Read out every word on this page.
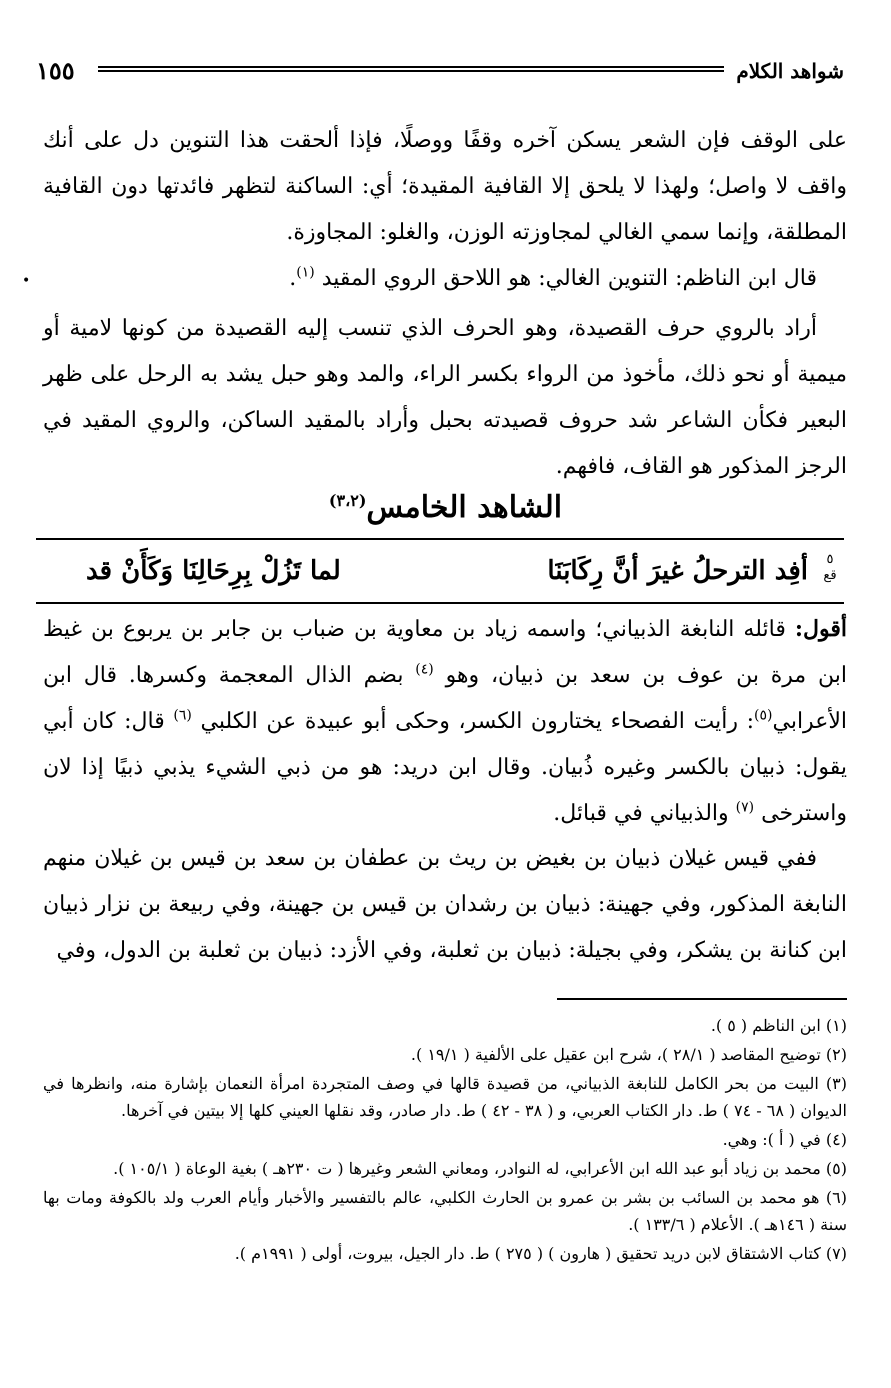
شواهد الكلام
١٥٥

على الوقف فإن الشعر يسكن آخره وقفًا ووصلًا، فإذا ألحقت هذا التنوين دل على أنك واقف لا واصل؛ ولهذا لا يلحق إلا القافية المقيدة؛ أي: الساكنة لتظهر فائدتها دون القافية المطلقة، وإنما سمي الغالي لمجاوزته الوزن، والغلو: المجاوزة.

قال ابن الناظم: التنوين الغالي: هو اللاحق الروي المقيد $^{(١)}$.

•

أراد بالروي حرف القصيدة، وهو الحرف الذي تنسب إليه القصيدة من كونها لامية أو ميمية أو نحو ذلك، مأخوذ من الرواء بكسر الراء، والمد وهو حبل يشد به الرحل على ظهر البعير فكأن الشاعر شد حروف قصيدته بحبل وأراد بالمقيد الساكن، والروي المقيد في الرجز المذكور هو القاف، فافهم.

الشاهد الخامس$^{(٣،٢)}$
٥
قع
أفِد الترحلُ غيرَ أنَّ رِكَابَنَا
لما تَزُلْ بِرِحَالِنَا وَكَأَنْ قد

أقول: قائله النابغة الذبياني؛ واسمه زياد بن معاوية بن ضباب بن جابر بن يربوع بن غيظ ابن مرة بن عوف بن سعد بن ذبيان، وهو $^{(٤)}$ بضم الذال المعجمة وكسرها. قال ابن الأعرابي$^{(٥)}$: رأيت الفصحاء يختارون الكسر، وحكى أبو عبيدة عن الكلبي $^{(٦)}$ قال: كان أبي يقول: ذبيان بالكسر وغيره ذُبيان. وقال ابن دريد: هو من ذبي الشيء يذبي ذبيًا إذا لان واسترخى $^{(٧)}$ والذبياني في قبائل.

ففي قيس غيلان ذبيان بن بغيض بن ريث بن عطفان بن سعد بن قيس بن غيلان منهم النابغة المذكور، وفي جهينة: ذبيان بن رشدان بن قيس بن جهينة، وفي ربيعة بن نزار ذبيان ابن كنانة بن يشكر، وفي بجيلة: ذبيان بن ثعلبة، وفي الأزد: ذبيان بن ثعلبة بن الدول، وفي

(١) ابن الناظم ( ٥ ).
(٢) توضيح المقاصد ( ٢٨/١ )، شرح ابن عقيل على الألفية ( ١٩/١ ).
(٣) البيت من بحر الكامل للنابغة الذبياني، من قصيدة قالها في وصف المتجردة امرأة النعمان بإشارة منه، وانظرها في الديوان ( ٦٨ - ٧٤ ) ط. دار الكتاب العربي، و ( ٣٨ - ٤٢ ) ط. دار صادر، وقد نقلها العيني كلها إلا بيتين في آخرها.
(٤) في ( أ ): وهي.
(٥) محمد بن زياد أبو عبد الله ابن الأعرابي، له النوادر، ومعاني الشعر وغيرها ( ت ٢٣٠هـ ) بغية الوعاة ( ١٠٥/١ ).
(٦) هو محمد بن السائب بن بشر بن عمرو بن الحارث الكلبي، عالم بالتفسير والأخبار وأيام العرب ولد بالكوفة ومات بها سنة ( ١٤٦هـ ). الأعلام ( ١٣٣/٦ ).
(٧) كتاب الاشتقاق لابن دريد تحقيق ( هارون ) ( ٢٧٥ ) ط. دار الجيل، بيروت، أولى ( ١٩٩١م ).
